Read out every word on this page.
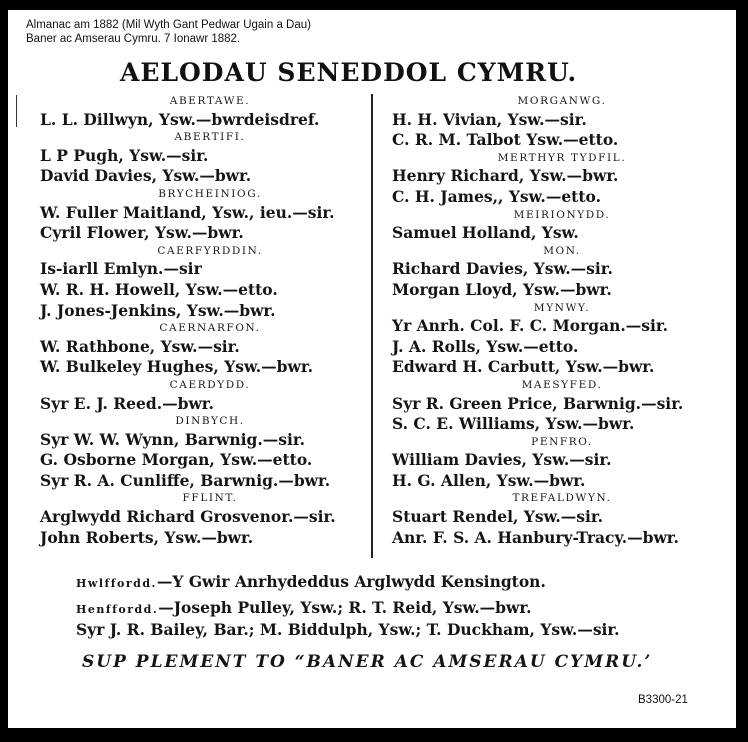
Almanac am 1882 (Mil Wyth Gant Pedwar Ugain a Dau)
Baner ac Amserau Cymru. 7 Ionawr 1882.
AELODAU SENEDDOL CYMRU.
ABERTAWE.
L. L. Dillwyn, Ysw.—bwrdeisdref.
ABERTIFI.
L P Pugh, Ysw.—sir.
David Davies, Ysw.—bwr.
BRYCHEINIOG.
W. Fuller Maitland, Ysw., ieu.—sir.
Cyril Flower, Ysw.—bwr.
CAERFYRDDIN.
Is-iarll Emlyn.—sir
W. R. H. Howell, Ysw.—etto.
J. Jones-Jenkins, Ysw.—bwr.
CAERNARFON.
W. Rathbone, Ysw.—sir.
W. Bulkeley Hughes, Ysw.—bwr.
CAERDYDD.
Syr E. J. Reed.—bwr.
DINBYCH.
Syr W. W. Wynn, Barwnig.—sir.
G. Osborne Morgan, Ysw.—etto.
Syr R. A. Cunliffe, Barwnig.—bwr.
FFLINT.
Arglwydd Richard Grosvenor.—sir.
John Roberts, Ysw.—bwr.
MORGANWG.
H. H. Vivian, Ysw.—sir.
C. R. M. Talbot Ysw.—etto.
MERTHYR TYDFIL.
Henry Richard, Ysw.—bwr.
C. H. James,, Ysw.—etto.
MEIRIONYDD.
Samuel Holland, Ysw.
MON.
Richard Davies, Ysw.—sir.
Morgan Lloyd, Ysw.—bwr.
MYNWY.
Yr Anrh. Col. F. C. Morgan.—sir.
J. A. Rolls, Ysw.—etto.
Edward H. Carbutt, Ysw.—bwr.
MAESYFED.
Syr R. Green Price, Barwnig.—sir.
S. C. E. Williams, Ysw.—bwr.
PENFRO.
William Davies, Ysw.—sir.
H. G. Allen, Ysw.—bwr.
TREFALDWYN.
Stuart Rendel, Ysw.—sir.
Anr. F. S. A. Hanbury-Tracy.—bwr.
Hwlffordd.—Y Gwir Anrhydeddus Arglwydd Kensington.
Henffordd.—Joseph Pulley, Ysw.; R. T. Reid, Ysw.—bwr.
Syr J. R. Bailey, Bar.; M. Biddulph, Ysw.; T. Duckham, Ysw.—sir.
SUP PLEMENT TO “BANER AC AMSERAU CYMRU.’
B3300-21
